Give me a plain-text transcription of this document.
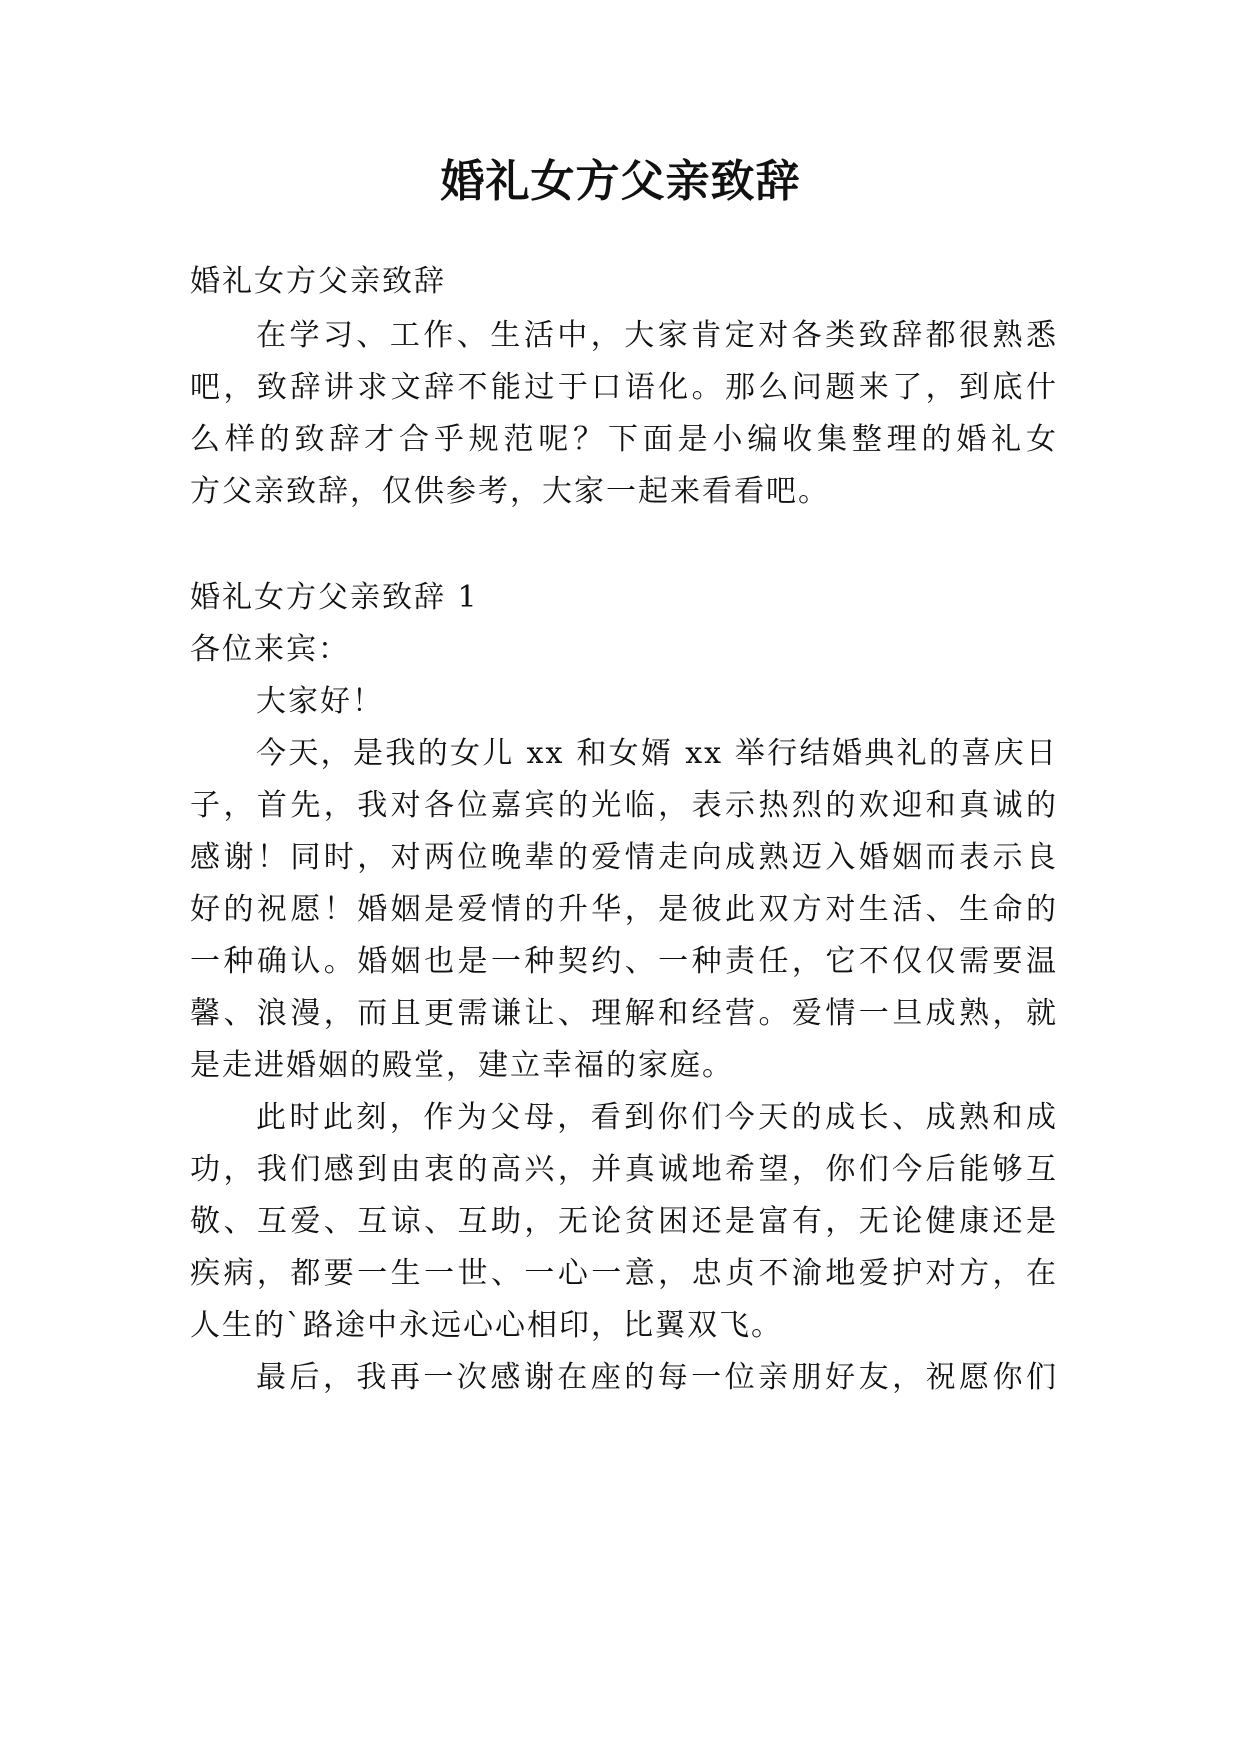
婚礼女方父亲致辞

婚礼女方父亲致辞

在学习、工作、生活中，大家肯定对各类致辞都很熟悉

吧，致辞讲求文辞不能过于口语化。那么问题来了，到底什

么样的致辞才合乎规范呢？下面是小编收集整理的婚礼女

方父亲致辞，仅供参考，大家一起来看看吧。

婚礼女方父亲致辞 1

各位来宾：

大家好！

今天，是我的女儿 xx 和女婿 xx 举行结婚典礼的喜庆日

子，首先，我对各位嘉宾的光临，表示热烈的欢迎和真诚的

感谢！同时，对两位晚辈的爱情走向成熟迈入婚姻而表示良

好的祝愿！婚姻是爱情的升华，是彼此双方对生活、生命的

一种确认。婚姻也是一种契约、一种责任，它不仅仅需要温

馨、浪漫，而且更需谦让、理解和经营。爱情一旦成熟，就

是走进婚姻的殿堂，建立幸福的家庭。

此时此刻，作为父母，看到你们今天的成长、成熟和成

功，我们感到由衷的高兴，并真诚地希望，你们今后能够互

敬、互爱、互谅、互助，无论贫困还是富有，无论健康还是

疾病，都要一生一世、一心一意，忠贞不渝地爱护对方，在

人生的`路途中永远心心相印，比翼双飞。

最后，我再一次感谢在座的每一位亲朋好友，祝愿你们
